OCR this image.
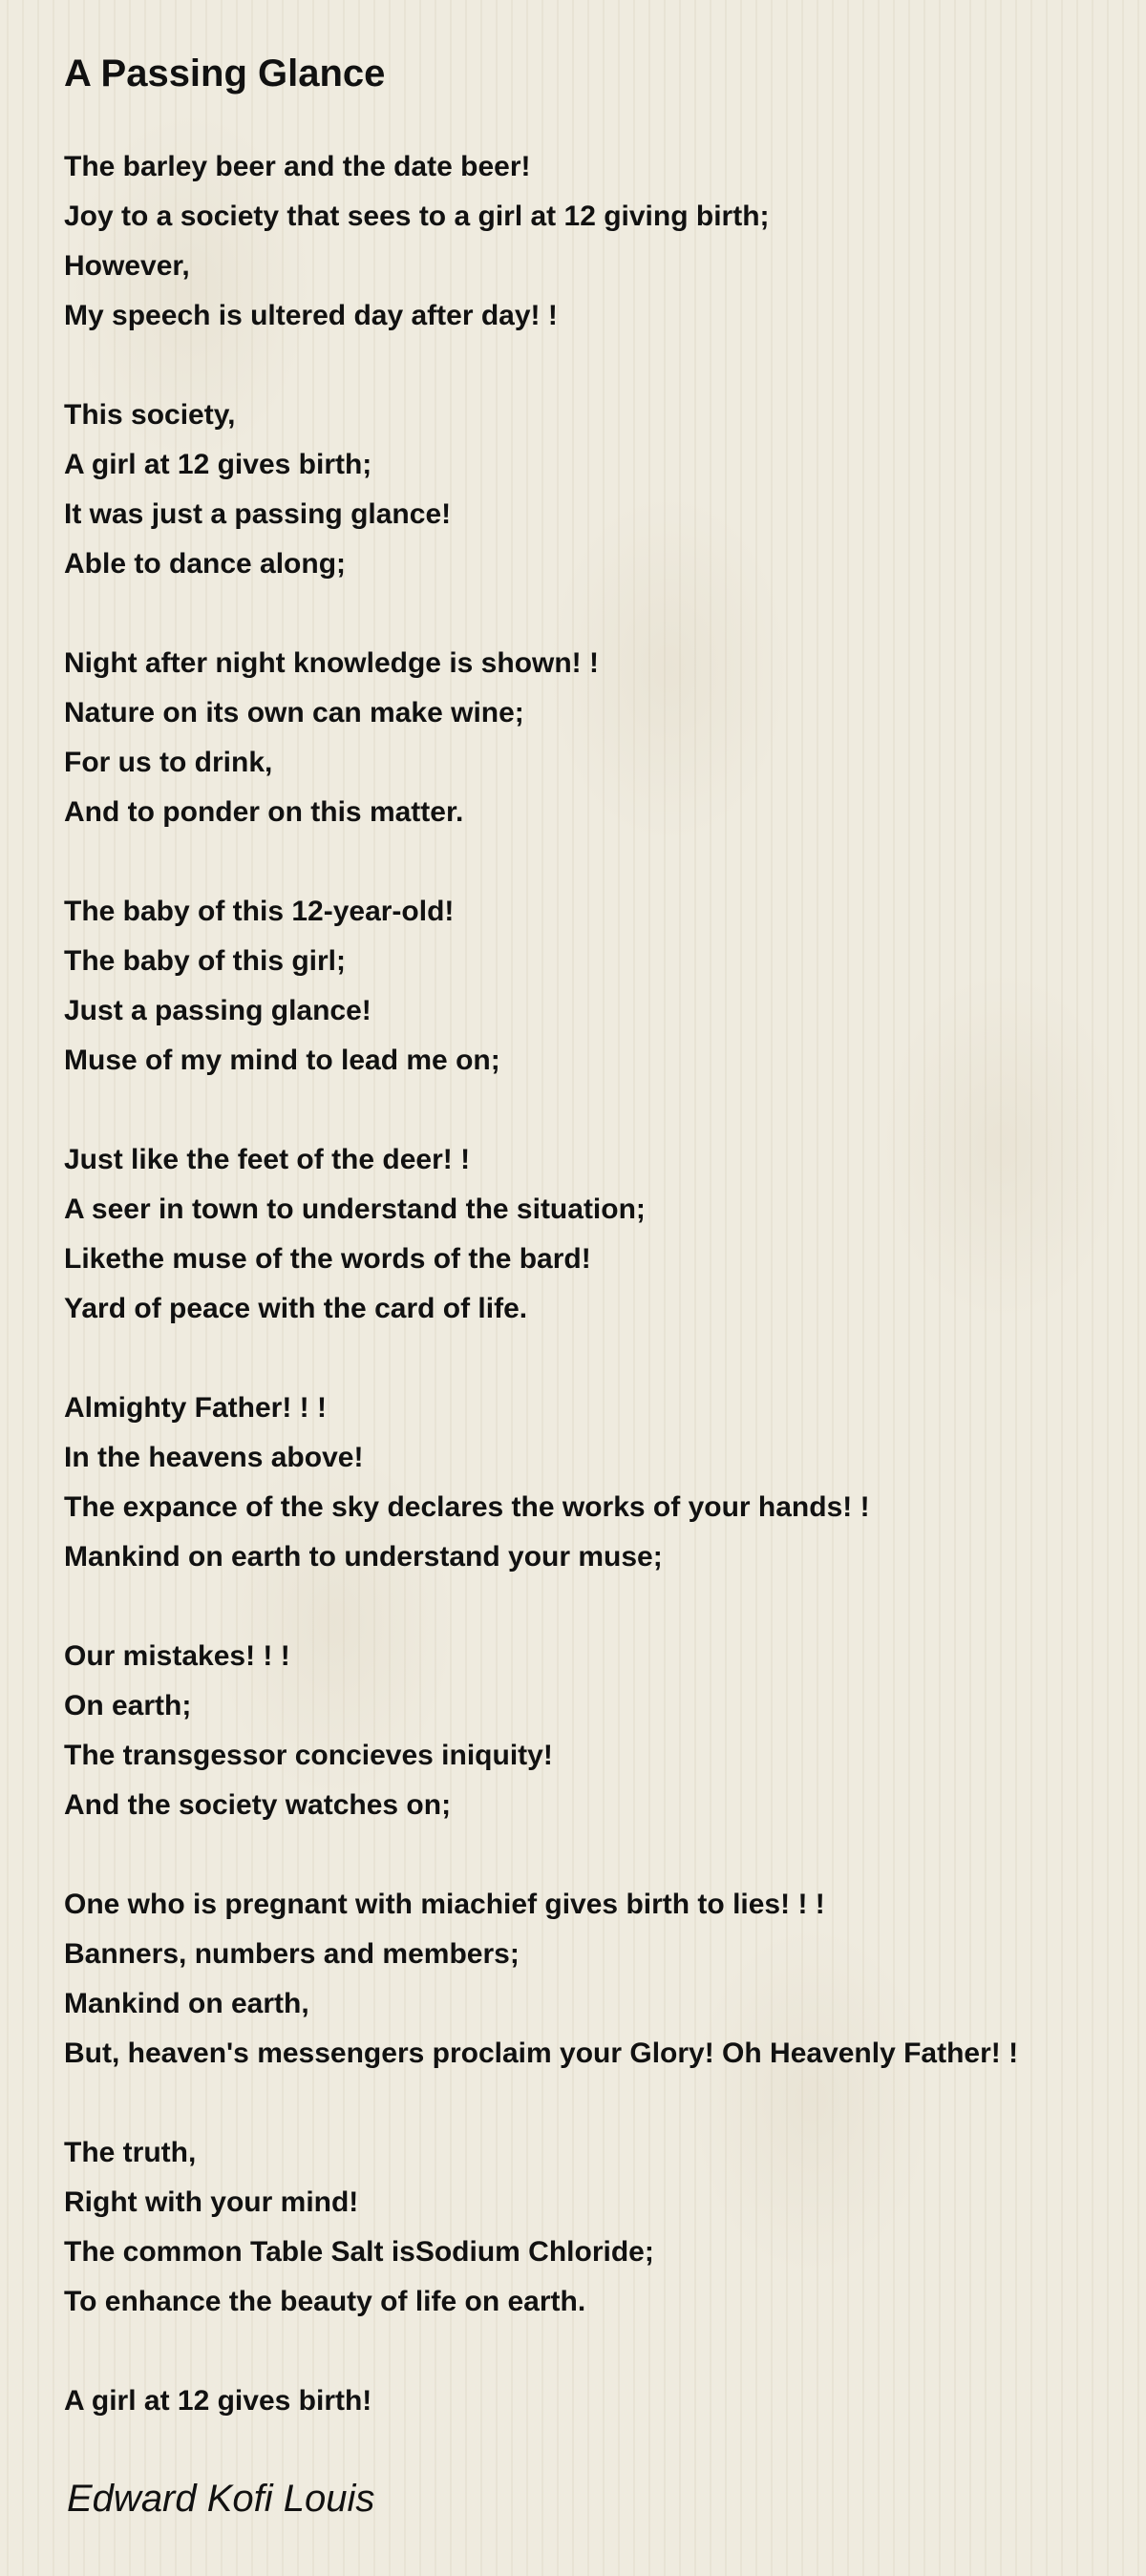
A Passing Glance
The barley beer and the date beer!
Joy to a society that sees to a girl at 12 giving birth;
However,
My speech is ultered day after day! !
This society,
A girl at 12 gives birth;
It was just a passing glance!
Able to dance along;
Night after night knowledge is shown! !
Nature on its own can make wine;
For us to drink,
And to ponder on this matter.
The baby of this 12-year-old!
The baby of this girl;
Just a passing glance!
Muse of my mind to lead me on;
Just like the feet of the deer! !
A seer in town to understand the situation;
Likethe muse of the words of the bard!
Yard of peace with the card of life.
Almighty Father! ! !
In the heavens above!
The expance of the sky declares the works of your hands! !
Mankind on earth to understand your muse;
Our mistakes! ! !
On earth;
The transgessor concieves iniquity!
And the society watches on;
One who is pregnant with miachief gives birth to lies! ! !
Banners, numbers and members;
Mankind on earth,
But, heaven's messengers proclaim your Glory! Oh Heavenly Father! !
The truth,
Right with your mind!
The common Table Salt isSodium Chloride;
To enhance the beauty of life on earth.
A girl at 12 gives birth!
Edward Kofi Louis
